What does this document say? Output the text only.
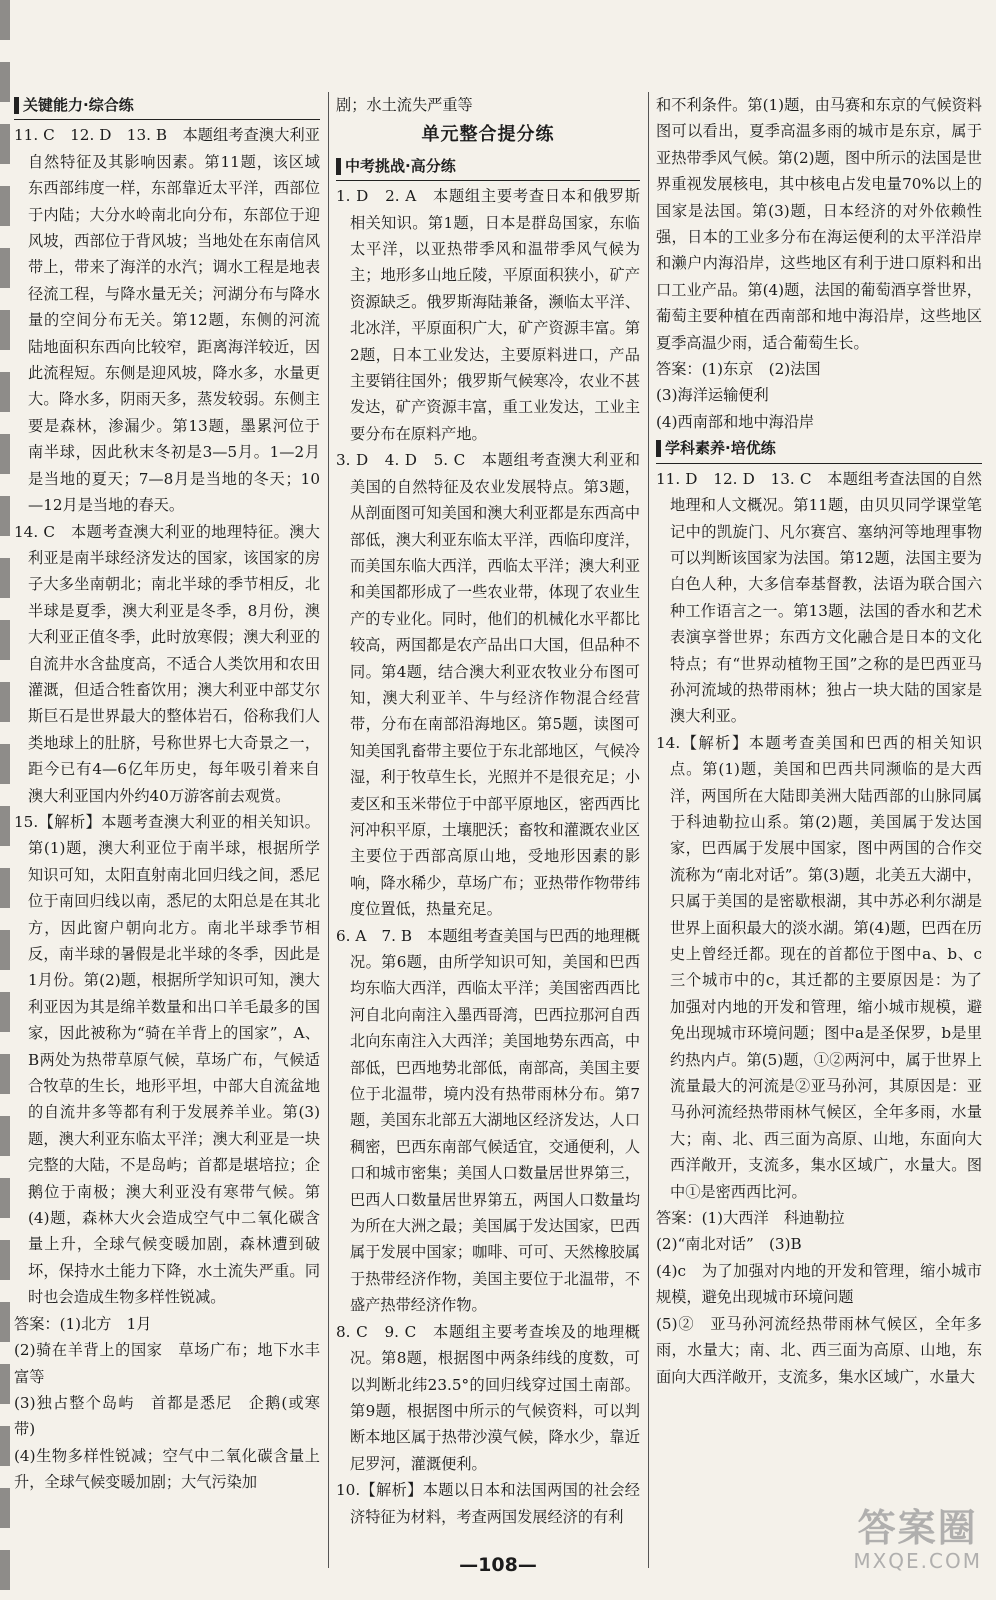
关键能力·综合练

11. C　12. D　13. B　本题组考查澳大利亚自然特征及其影响因素。第11题，该区域东西部纬度一样，东部靠近太平洋，西部位于内陆；大分水岭南北向分布，东部位于迎风坡，西部位于背风坡；当地处在东南信风带上，带来了海洋的水汽；调水工程是地表径流工程，与降水量无关；河湖分布与降水量的空间分布无关。第12题，东侧的河流陆地面积东西向比较窄，距离海洋较近，因此流程短。东侧是迎风坡，降水多，水量更大。降水多，阴雨天多，蒸发较弱。东侧主要是森林，渗漏少。第13题，墨累河位于南半球，因此秋末冬初是3—5月。1—2月是当地的夏天；7—8月是当地的冬天；10—12月是当地的春天。

14. C　本题考查澳大利亚的地理特征。澳大利亚是南半球经济发达的国家，该国家的房子大多坐南朝北；南北半球的季节相反，北半球是夏季，澳大利亚是冬季，8月份，澳大利亚正值冬季，此时放寒假；澳大利亚的自流井水含盐度高，不适合人类饮用和农田灌溉，但适合牲畜饮用；澳大利亚中部艾尔斯巨石是世界最大的整体岩石，俗称我们人类地球上的肚脐，号称世界七大奇景之一，距今已有4—6亿年历史，每年吸引着来自澳大利亚国内外约40万游客前去观赏。

15.【解析】本题考查澳大利亚的相关知识。第(1)题，澳大利亚位于南半球，根据所学知识可知，太阳直射南北回归线之间，悉尼位于南回归线以南，悉尼的太阳总是在其北方，因此窗户朝向北方。南北半球季节相反，南半球的暑假是北半球的冬季，因此是1月份。第(2)题，根据所学知识可知，澳大利亚因为其是绵羊数量和出口羊毛最多的国家，因此被称为“骑在羊背上的国家”，A、B两处为热带草原气候，草场广布，气候适合牧草的生长，地形平坦，中部大自流盆地的自流井多等都有利于发展养羊业。第(3)题，澳大利亚东临太平洋；澳大利亚是一块完整的大陆，不是岛屿；首都是堪培拉；企鹅位于南极；澳大利亚没有寒带气候。第(4)题，森林大火会造成空气中二氧化碳含量上升，全球气候变暖加剧，森林遭到破坏，保持水土能力下降，水土流失严重。同时也会造成生物多样性锐减。

答案：(1)北方　1月

(2)骑在羊背上的国家　草场广布；地下水丰富等

(3)独占整个岛屿　首都是悉尼　企鹅(或寒带)

(4)生物多样性锐减；空气中二氧化碳含量上升，全球气候变暖加剧；大气污染加

剧；水土流失严重等

单元整合提分练
中考挑战·高分练

1. D　2. A　本题组主要考查日本和俄罗斯相关知识。第1题，日本是群岛国家，东临太平洋，以亚热带季风和温带季风气候为主；地形多山地丘陵，平原面积狭小，矿产资源缺乏。俄罗斯海陆兼备，濒临太平洋、北冰洋，平原面积广大，矿产资源丰富。第2题，日本工业发达，主要原料进口，产品主要销往国外；俄罗斯气候寒冷，农业不甚发达，矿产资源丰富，重工业发达，工业主要分布在原料产地。

3. D　4. D　5. C　本题组考查澳大利亚和美国的自然特征及农业发展特点。第3题，从剖面图可知美国和澳大利亚都是东西高中部低，澳大利亚东临太平洋，西临印度洋，而美国东临大西洋，西临太平洋；澳大利亚和美国都形成了一些农业带，体现了农业生产的专业化。同时，他们的机械化水平都比较高，两国都是农产品出口大国，但品种不同。第4题，结合澳大利亚农牧业分布图可知，澳大利亚羊、牛与经济作物混合经营带，分布在南部沿海地区。第5题，读图可知美国乳畜带主要位于东北部地区，气候冷湿，利于牧草生长，光照并不是很充足；小麦区和玉米带位于中部平原地区，密西西比河冲积平原，土壤肥沃；畜牧和灌溉农业区主要位于西部高原山地，受地形因素的影响，降水稀少，草场广布；亚热带作物带纬度位置低，热量充足。

6. A　7. B　本题组考查美国与巴西的地理概况。第6题，由所学知识可知，美国和巴西均东临大西洋，西临太平洋；美国密西西比河自北向南注入墨西哥湾，巴西拉那河自西北向东南注入大西洋；美国地势东西高，中部低，巴西地势北部低，南部高，美国主要位于北温带，境内没有热带雨林分布。第7题，美国东北部五大湖地区经济发达，人口稠密，巴西东南部气候适宜，交通便利，人口和城市密集；美国人口数量居世界第三，巴西人口数量居世界第五，两国人口数量均为所在大洲之最；美国属于发达国家，巴西属于发展中国家；咖啡、可可、天然橡胶属于热带经济作物，美国主要位于北温带，不盛产热带经济作物。

8. C　9. C　本题组主要考查埃及的地理概况。第8题，根据图中两条纬线的度数，可以判断北纬23.5°的回归线穿过国土南部。第9题，根据图中所示的气候资料，可以判断本地区属于热带沙漠气候，降水少，靠近尼罗河，灌溉便利。

10.【解析】本题以日本和法国两国的社会经济特征为材料，考查两国发展经济的有利

和不利条件。第(1)题，由马赛和东京的气候资料图可以看出，夏季高温多雨的城市是东京，属于亚热带季风气候。第(2)题，图中所示的法国是世界重视发展核电，其中核电占发电量70%以上的国家是法国。第(3)题，日本经济的对外依赖性强，日本的工业多分布在海运便利的太平洋沿岸和濑户内海沿岸，这些地区有利于进口原料和出口工业产品。第(4)题，法国的葡萄酒享誉世界，葡萄主要种植在西南部和地中海沿岸，这些地区夏季高温少雨，适合葡萄生长。

答案：(1)东京　(2)法国

(3)海洋运输便利

(4)西南部和地中海沿岸

学科素养·培优练

11. D　12. D　13. C　本题组考查法国的自然地理和人文概况。第11题，由贝贝同学课堂笔记中的凯旋门、凡尔赛宫、塞纳河等地理事物可以判断该国家为法国。第12题，法国主要为白色人种，大多信奉基督教，法语为联合国六种工作语言之一。第13题，法国的香水和艺术表演享誉世界；东西方文化融合是日本的文化特点；有“世界动植物王国”之称的是巴西亚马孙河流域的热带雨林；独占一块大陆的国家是澳大利亚。

14.【解析】本题考查美国和巴西的相关知识点。第(1)题，美国和巴西共同濒临的是大西洋，两国所在大陆即美洲大陆西部的山脉同属于科迪勒拉山系。第(2)题，美国属于发达国家，巴西属于发展中国家，图中两国的合作交流称为“南北对话”。第(3)题，北美五大湖中，只属于美国的是密歇根湖，其中苏必利尔湖是世界上面积最大的淡水湖。第(4)题，巴西在历史上曾经迁都。现在的首都位于图中a、b、c三个城市中的c，其迁都的主要原因是：为了加强对内地的开发和管理，缩小城市规模，避免出现城市环境问题；图中a是圣保罗，b是里约热内卢。第(5)题，①②两河中，属于世界上流量最大的河流是②亚马孙河，其原因是：亚马孙河流经热带雨林气候区，全年多雨，水量大；南、北、西三面为高原、山地，东面向大西洋敞开，支流多，集水区域广，水量大。图中①是密西西比河。

答案：(1)大西洋　科迪勒拉

(2)“南北对话”　(3)B

(4)c　为了加强对内地的开发和管理，缩小城市规模，避免出现城市环境问题

(5)②　亚马孙河流经热带雨林气候区，全年多雨，水量大；南、北、西三面为高原、山地，东面向大西洋敞开，支流多，集水区域广，水量大

—108—
答案圈
MXQE.COM
